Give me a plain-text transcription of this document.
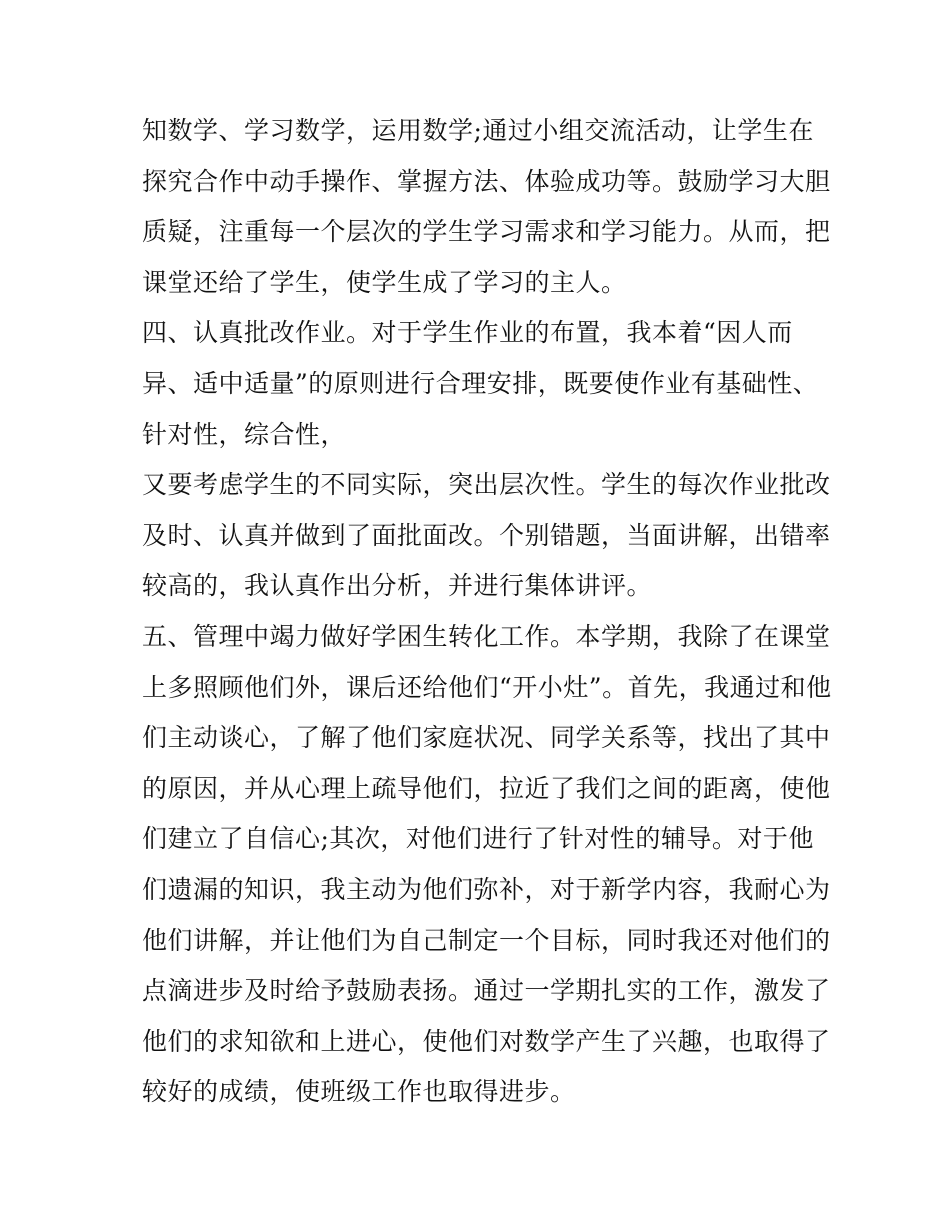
知数学、学习数学，运用数学;通过小组交流活动，让学生在
探究合作中动手操作、掌握方法、体验成功等。鼓励学习大胆
质疑，注重每一个层次的学生学习需求和学习能力。从而，把
课堂还给了学生，使学生成了学习的主人。
四、认真批改作业。对于学生作业的布置，我本着“因人而
异、适中适量”的原则进行合理安排，既要使作业有基础性、
针对性，综合性，
又要考虑学生的不同实际，突出层次性。学生的每次作业批改
及时、认真并做到了面批面改。个别错题，当面讲解，出错率
较高的，我认真作出分析，并进行集体讲评。
五、管理中竭力做好学困生转化工作。本学期，我除了在课堂
上多照顾他们外，课后还给他们“开小灶”。首先，我通过和他
们主动谈心，了解了他们家庭状况、同学关系等，找出了其中
的原因，并从心理上疏导他们，拉近了我们之间的距离，使他
们建立了自信心;其次，对他们进行了针对性的辅导。对于他
们遗漏的知识，我主动为他们弥补，对于新学内容，我耐心为
他们讲解，并让他们为自己制定一个目标，同时我还对他们的
点滴进步及时给予鼓励表扬。通过一学期扎实的工作，激发了
他们的求知欲和上进心，使他们对数学产生了兴趣，也取得了
较好的成绩，使班级工作也取得进步。
